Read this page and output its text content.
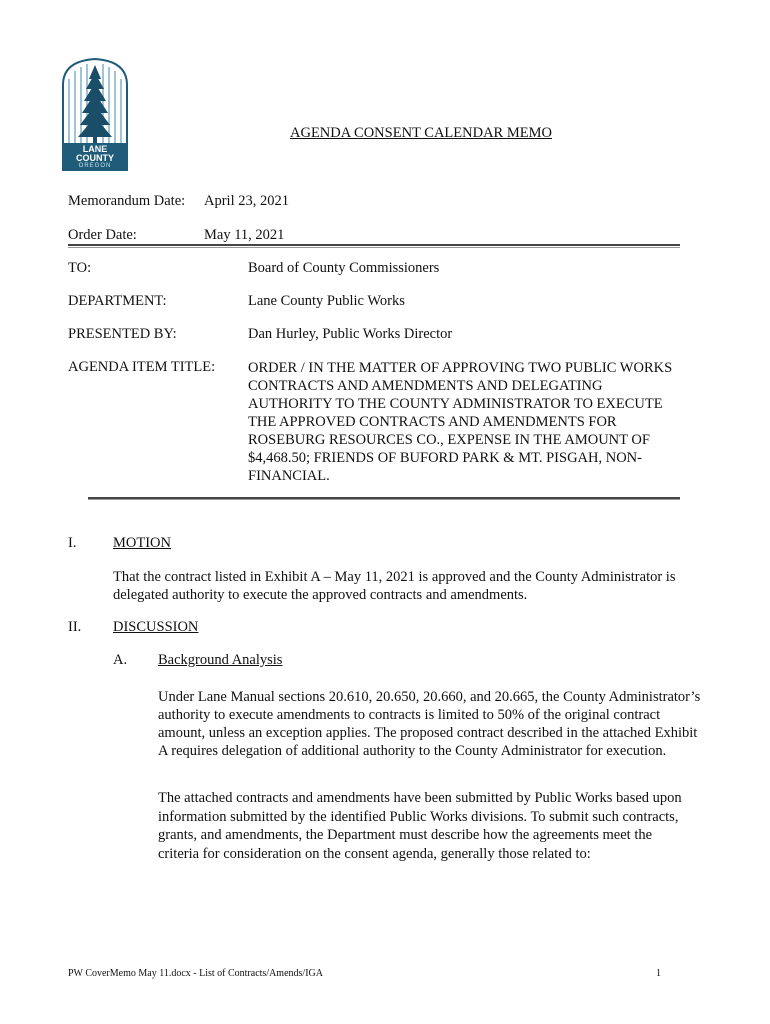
LANE
COUNTY
OREGON
AGENDA CONSENT CALENDAR MEMO
Memorandum Date: April 23, 2021
Order Date:	May 11, 2021
TO:	Board of County Commissioners
DEPARTMENT:	Lane County Public Works
PRESENTED BY:	Dan Hurley, Public Works Director
AGENDA ITEM TITLE: ORDER / IN THE MATTER OF APPROVING TWO PUBLIC WORKS CONTRACTS AND AMENDMENTS AND DELEGATING AUTHORITY TO THE COUNTY ADMINISTRATOR TO EXECUTE THE APPROVED CONTRACTS AND AMENDMENTS FOR ROSEBURG RESOURCES CO., EXPENSE IN THE AMOUNT OF $4,468.50; FRIENDS OF BUFORD PARK & MT. PISGAH, NON-FINANCIAL.
I.	MOTION
That the contract listed in Exhibit A – May 11, 2021 is approved and the County Administrator is delegated authority to execute the approved contracts and amendments.
II. DISCUSSION
A. Background Analysis
Under Lane Manual sections 20.610, 20.650, 20.660, and 20.665, the County Administrator’s authority to execute amendments to contracts is limited to 50% of the original contract amount, unless an exception applies. The proposed contract described in the attached Exhibit A requires delegation of additional authority to the County Administrator for execution.
The attached contracts and amendments have been submitted by Public Works based upon information submitted by the identified Public Works divisions. To submit such contracts, grants, and amendments, the Department must describe how the agreements meet the criteria for consideration on the consent agenda, generally those related to:
PW CoverMemo May 11.docx - List of Contracts/Amends/IGA	1
